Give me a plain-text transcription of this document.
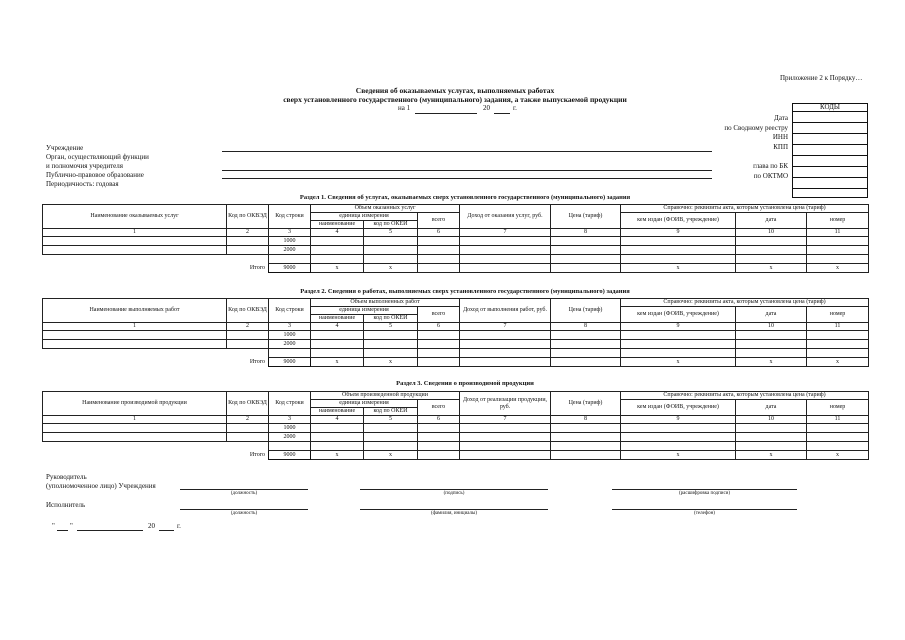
Приложение 2 к Порядку…
Сведения об оказываемых услугах, выполняемых работах
сверх установленного государственного (муниципального) задания, а также выпускаемой продукции
на 1	20	г.
Дата
по Сводному реестру
ИНН
КПП
глава по БК
по ОКТМО
КОДЫ

Учреждение
Орган, осуществляющий функции
и полномочия учредителя
Публично-правовое образование
Периодичность: годовая
Раздел 1. Сведения об услугах, оказываемых сверх установленного государственного (муниципального) задания
Наименование оказываемых услуг	Код по ОКВЭД	Код строки	Объем оказанных услуг			Доход от оказания услуг, руб.	Цена (тариф)	Справочно: реквизиты акта, которым установлена цена (тариф)		
			единица измерения		всего			кем издан (ФОИВ, учреждение)	дата	номер
			наименование	код по ОКЕИ						
1	2	3	4	5	6	7	8	9	10	11
		1000								
		2000								

	Итого	9000	x	x				x	x	x
Раздел 2. Сведения о работах, выполняемых сверх установленного государственного (муниципального) задания
Наименование выполняемых работ	Код по ОКВЭД	Код строки	Объем выполненных работ			Доход от выполнения работ, руб.	Цена (тариф)	Справочно: реквизиты акта, которым установлена цена (тариф)		
			единица измерения		всего			кем издан (ФОИВ, учреждение)	дата	номер
			наименование	код по ОКЕИ						
1	2	3	4	5	6	7	8	9	10	11
		1000								
		2000								

	Итого	9000	x	x				x	x	x
Раздел 3. Сведения о производимой продукции
Наименование производимой продукции	Код по ОКВЭД	Код строки	Объем произведенной продукции			Доход от реализации продукции, руб.	Цена (тариф)	Справочно: реквизиты акта, которым установлена цена (тариф)		
			единица измерения		всего			кем издан (ФОИВ, учреждение)	дата	номер
			наименование	код по ОКЕИ						
1	2	3	4	5	6	7	8	9	10	11
		1000								
		2000								

	Итого	9000	x	x				x	x	x
Руководитель
(уполномоченное лицо) Учреждения
(должность)	(подпись)	(расшифровка подписи)
Исполнитель
(должность)	(фамилия, инициалы)	(телефон)
" "	20	г.
